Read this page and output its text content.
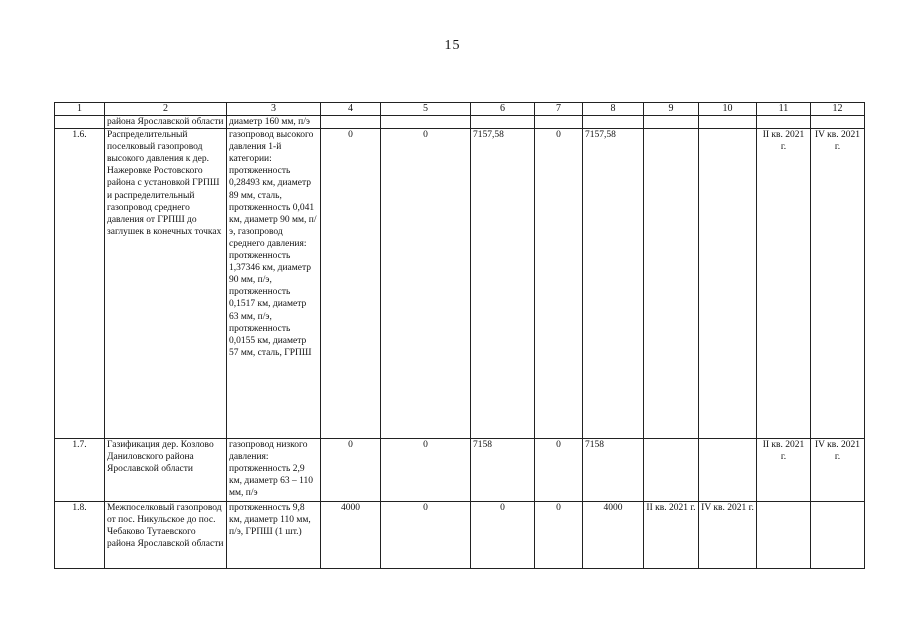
15
1	2	3	4	5	6	7	8	9	10	11	12
	района Ярославской области	диаметр 160 мм, п/э									
1.6.	Распределительный поселковый газопровод высокого давления к дер. Нажеровке Ростовского района с установкой ГРПШ и распределительный газопровод среднего давления от ГРПШ до заглушек в конечных точках	газопровод высокого давления 1-й категории: протяженность 0,28493 км, диаметр 89 мм, сталь, протяженность 0,041 км, диаметр 90 мм, п/э, газопровод среднего давления: протяженность 1,37346 км, диаметр 90 мм, п/э, протяженность 0,1517 км, диаметр 63 мм, п/э, протяженность 0,0155 км, диаметр 57 мм, сталь, ГРПШ	0	0	7157,58	0	7157,58			II кв. 2021 г.	IV кв. 2021 г.
1.7.	Газификация дер. Козлово Даниловского района Ярославской области	газопровод низкого давления: протяженность 2,9 км, диаметр 63 – 110 мм, п/э	0	0	7158	0	7158			II кв. 2021 г.	IV кв. 2021 г.
1.8.	Межпоселковый газопровод от пос. Никульское до пос. Чебаково Тутаевского района Ярославской области	протяженность 9,8 км, диаметр 110 мм, п/э, ГРПШ (1 шт.)	4000	0	0	0	4000	II кв. 2021 г.	IV кв. 2021 г.		
